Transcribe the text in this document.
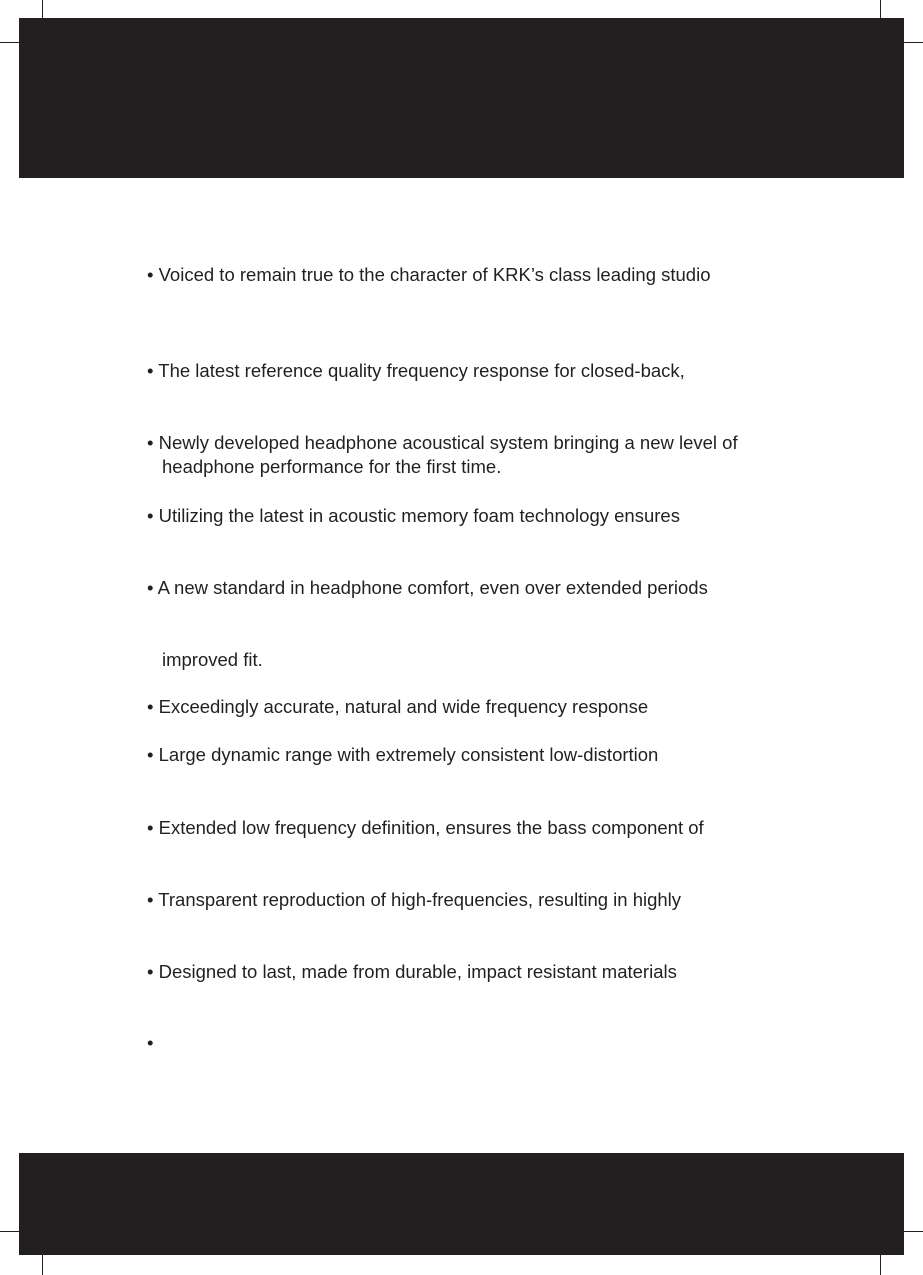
• Voiced to remain true to the character of KRK’s class leading studio

• The latest reference quality frequency response for closed-back,

• Newly developed headphone acoustical system bringing a new level of

headphone performance for the first time.

• Utilizing the latest in acoustic memory foam technology ensures

• A new standard in headphone comfort, even over extended periods

improved fit.

• Exceedingly accurate, natural and wide frequency response

• Large dynamic range with extremely consistent low-distortion

• Extended low frequency definition, ensures the bass component of

• Transparent reproduction of high-frequencies, resulting in highly

• Designed to last, made from durable, impact resistant materials

•
